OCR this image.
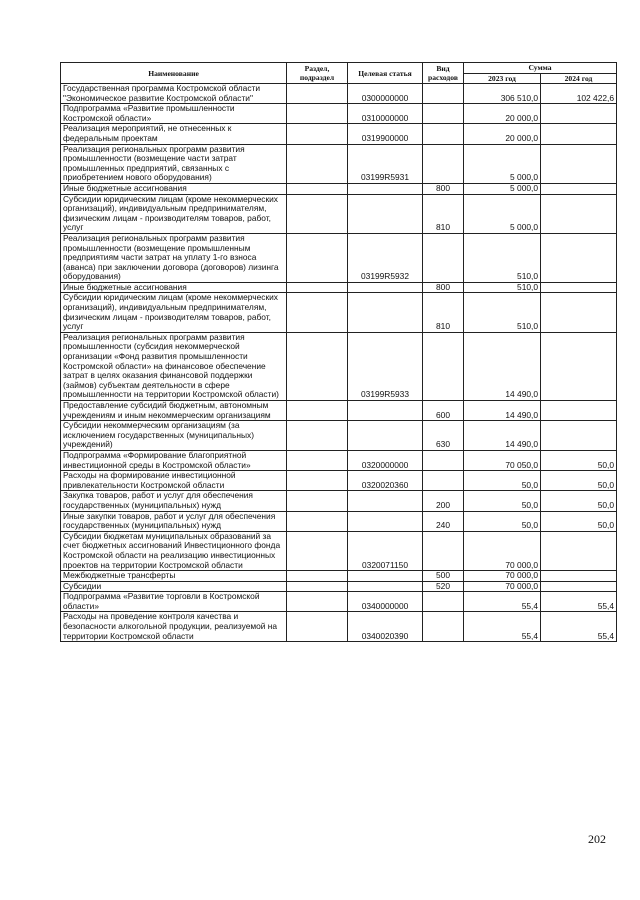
Наименование	Раздел, подраздел	Целевая статья	Вид расходов	Сумма	
				2023 год	2024 год
Государственная программа Костромской области "Экономическое развитие Костромской области"		0300000000		306 510,0	102 422,6
Подпрограмма «Развитие промышленности Костромской области»		0310000000		20 000,0	
Реализация мероприятий, не отнесенных к федеральным проектам		0319900000		20 000,0	
Реализация региональных программ развития промышленности (возмещение части затрат промышленных предприятий, связанных с приобретением нового оборудования)		03199R5931		5 000,0	
Иные бюджетные ассигнования			800	5 000,0	
Субсидии юридическим лицам (кроме некоммерческих организаций), индивидуальным предпринимателям, физическим лицам - производителям товаров, работ, услуг			810	5 000,0	
Реализация региональных программ развития промышленности (возмещение промышленным предприятиям части затрат на уплату 1-го взноса (аванса) при заключении договора (договоров) лизинга оборудования)		03199R5932		510,0	
Иные бюджетные ассигнования			800	510,0	
Субсидии юридическим лицам (кроме некоммерческих организаций), индивидуальным предпринимателям, физическим лицам - производителям товаров, работ, услуг			810	510,0	
Реализация региональных программ развития промышленности (субсидия некоммерческой организации «Фонд развития промышленности Костромской области» на финансовое обеспечение затрат в целях оказания финансовой поддержки (займов) субъектам деятельности в сфере промышленности на территории Костромской области)		03199R5933		14 490,0	
Предоставление субсидий бюджетным, автономным учреждениям и иным некоммерческим организациям			600	14 490,0	
Субсидии некоммерческим организациям (за исключением государственных (муниципальных) учреждений)			630	14 490,0	
Подпрограмма «Формирование благоприятной инвестиционной среды в Костромской области»		0320000000		70 050,0	50,0
Расходы на формирование инвестиционной привлекательности Костромской области		0320020360		50,0	50,0
Закупка товаров, работ и услуг для обеспечения государственных (муниципальных) нужд			200	50,0	50,0
Иные закупки товаров, работ и услуг для обеспечения государственных (муниципальных) нужд			240	50,0	50,0
Субсидии бюджетам муниципальных образований за счет бюджетных ассигнований Инвестиционного фонда Костромской области на реализацию инвестиционных проектов на территории Костромской области		0320071150		70 000,0	
Межбюджетные трансферты			500	70 000,0	
Субсидии			520	70 000,0	
Подпрограмма «Развитие торговли в Костромской области»		0340000000		55,4	55,4
Расходы на проведение контроля качества и безопасности алкогольной продукции, реализуемой на территории Костромской области		0340020390		55,4	55,4
202
